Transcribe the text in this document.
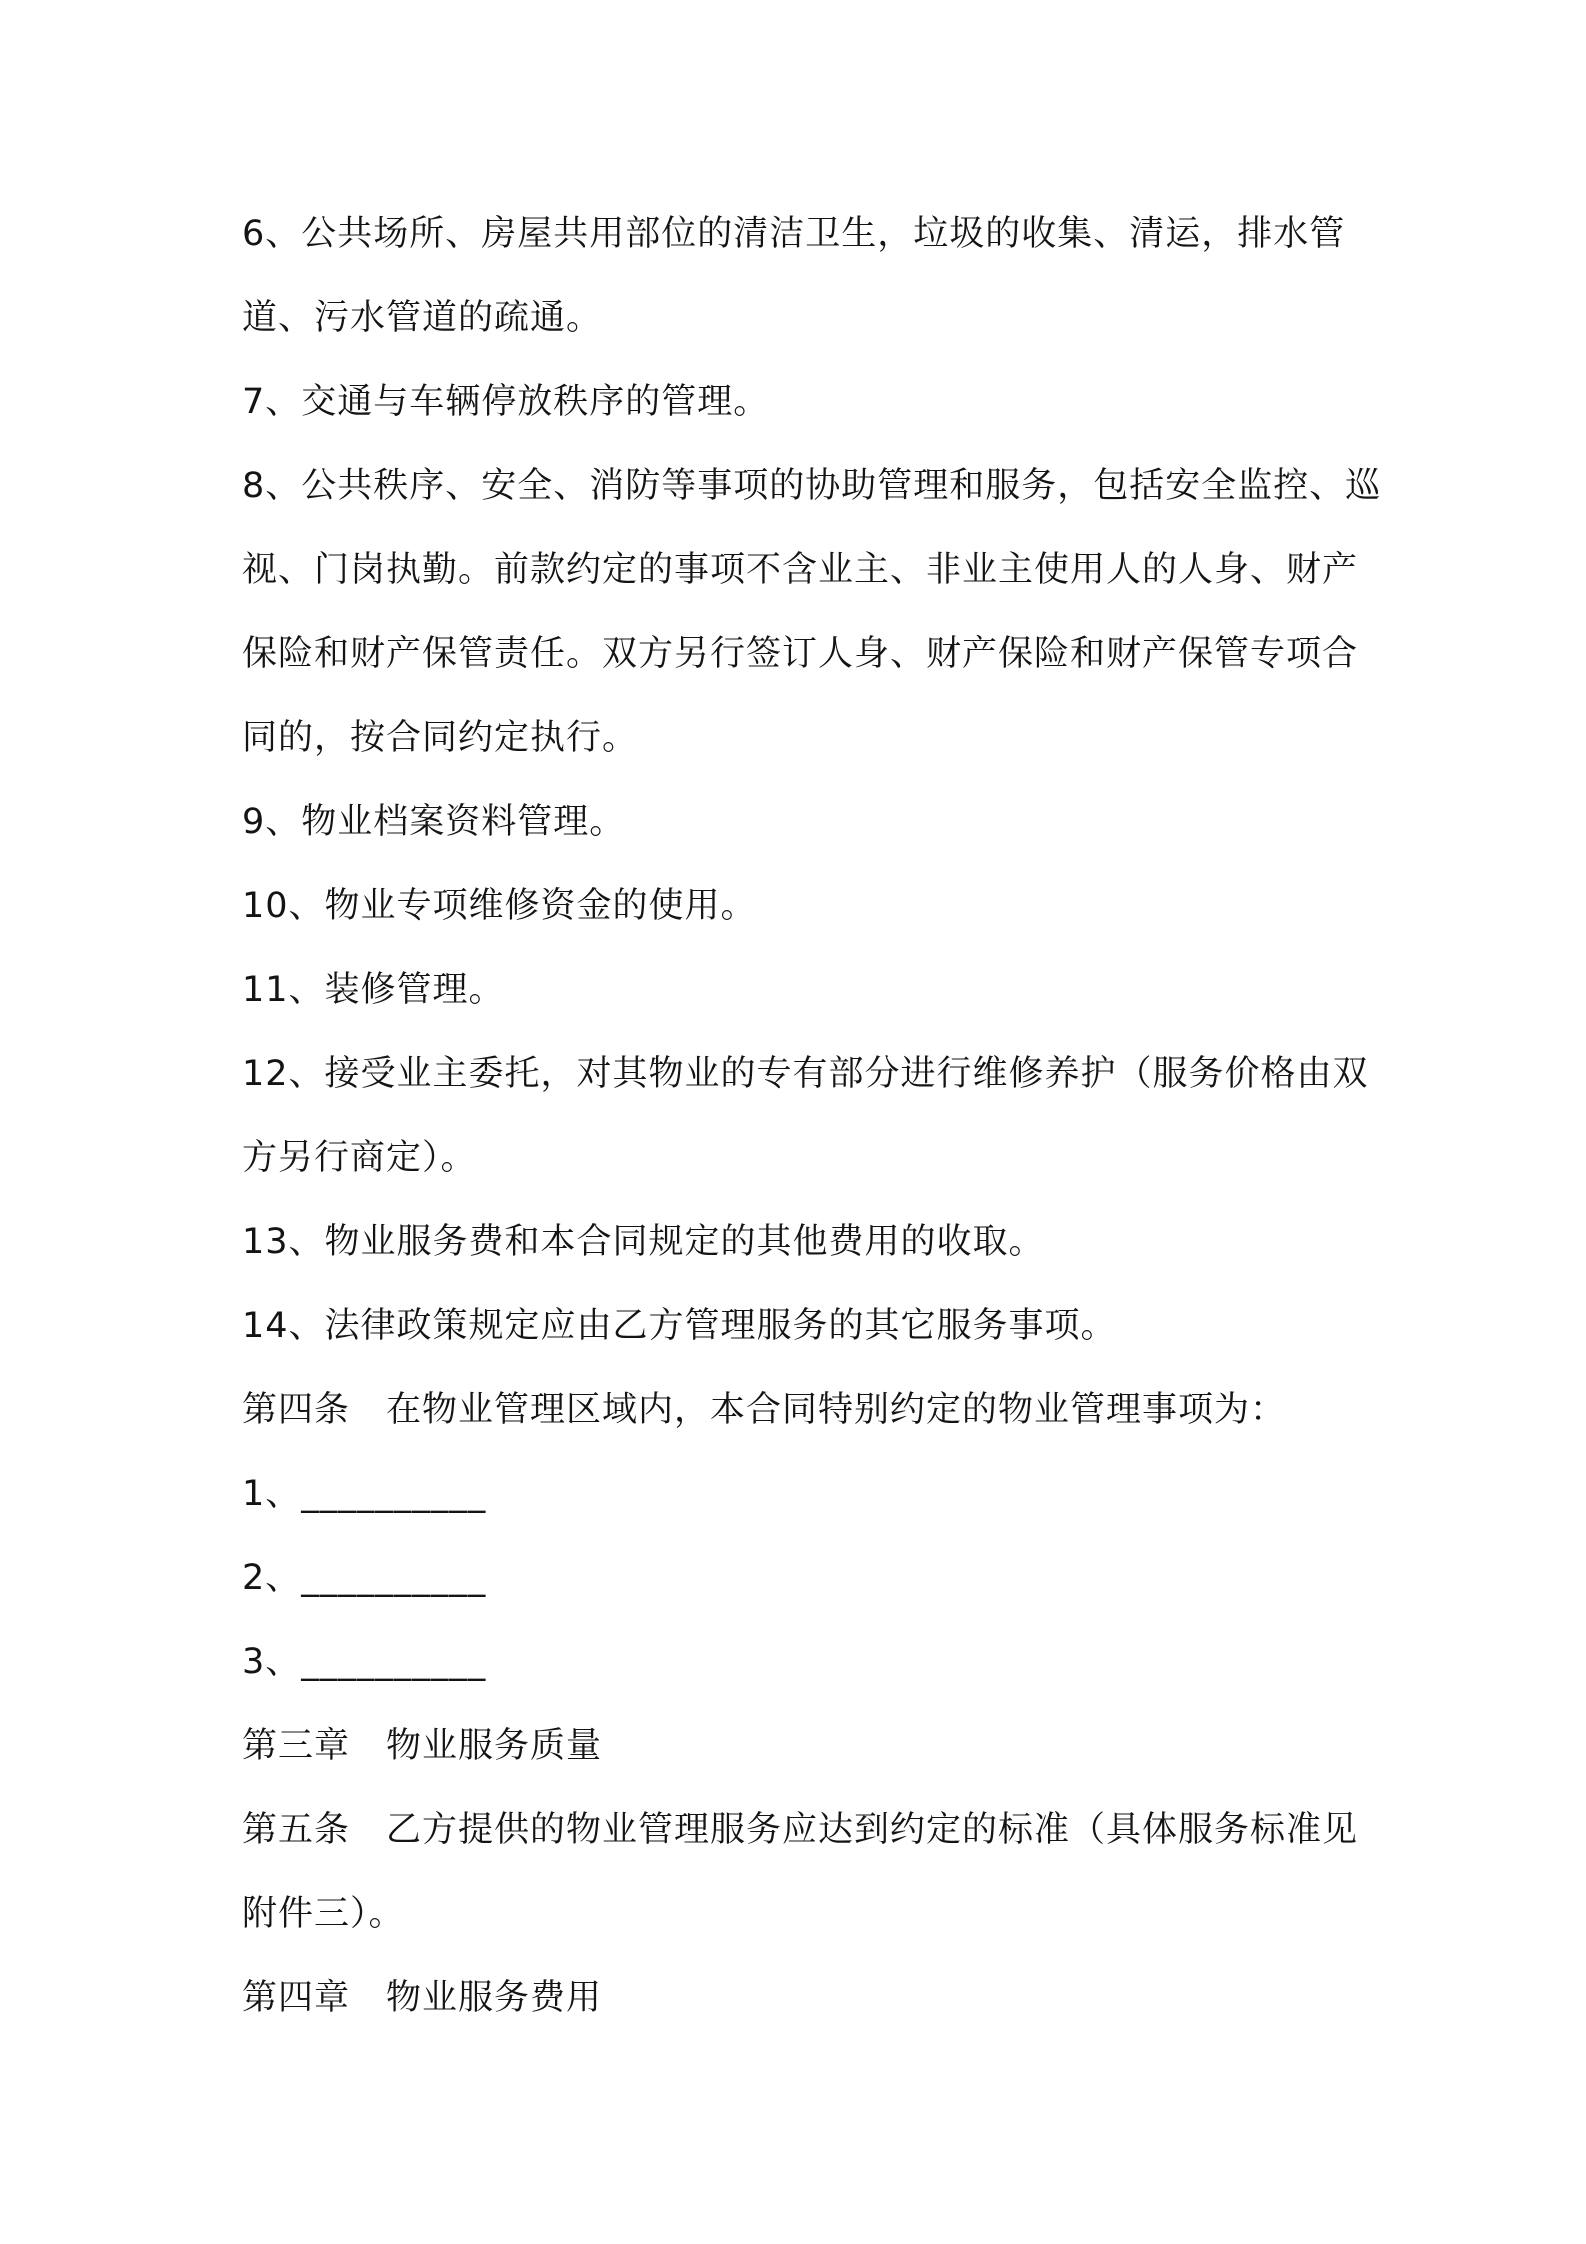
6、公共场所、房屋共用部位的清洁卫生，垃圾的收集、清运，排水管道、污水管道的疏通。

7、交通与车辆停放秩序的管理。

8、公共秩序、安全、消防等事项的协助管理和服务，包括安全监控、巡视、门岗执勤。前款约定的事项不含业主、非业主使用人的人身、财产保险和财产保管责任。双方另行签订人身、财产保险和财产保管专项合同的，按合同约定执行。

9、物业档案资料管理。

10、物业专项维修资金的使用。

11、装修管理。

12、接受业主委托，对其物业的专有部分进行维修养护（服务价格由双方另行商定）。

13、物业服务费和本合同规定的其他费用的收取。

14、法律政策规定应由乙方管理服务的其它服务事项。

第四条　在物业管理区域内，本合同特别约定的物业管理事项为：

1、__________

2、__________

3、__________

第三章　物业服务质量

第五条　乙方提供的物业管理服务应达到约定的标准（具体服务标准见附件三）。

第四章　物业服务费用
